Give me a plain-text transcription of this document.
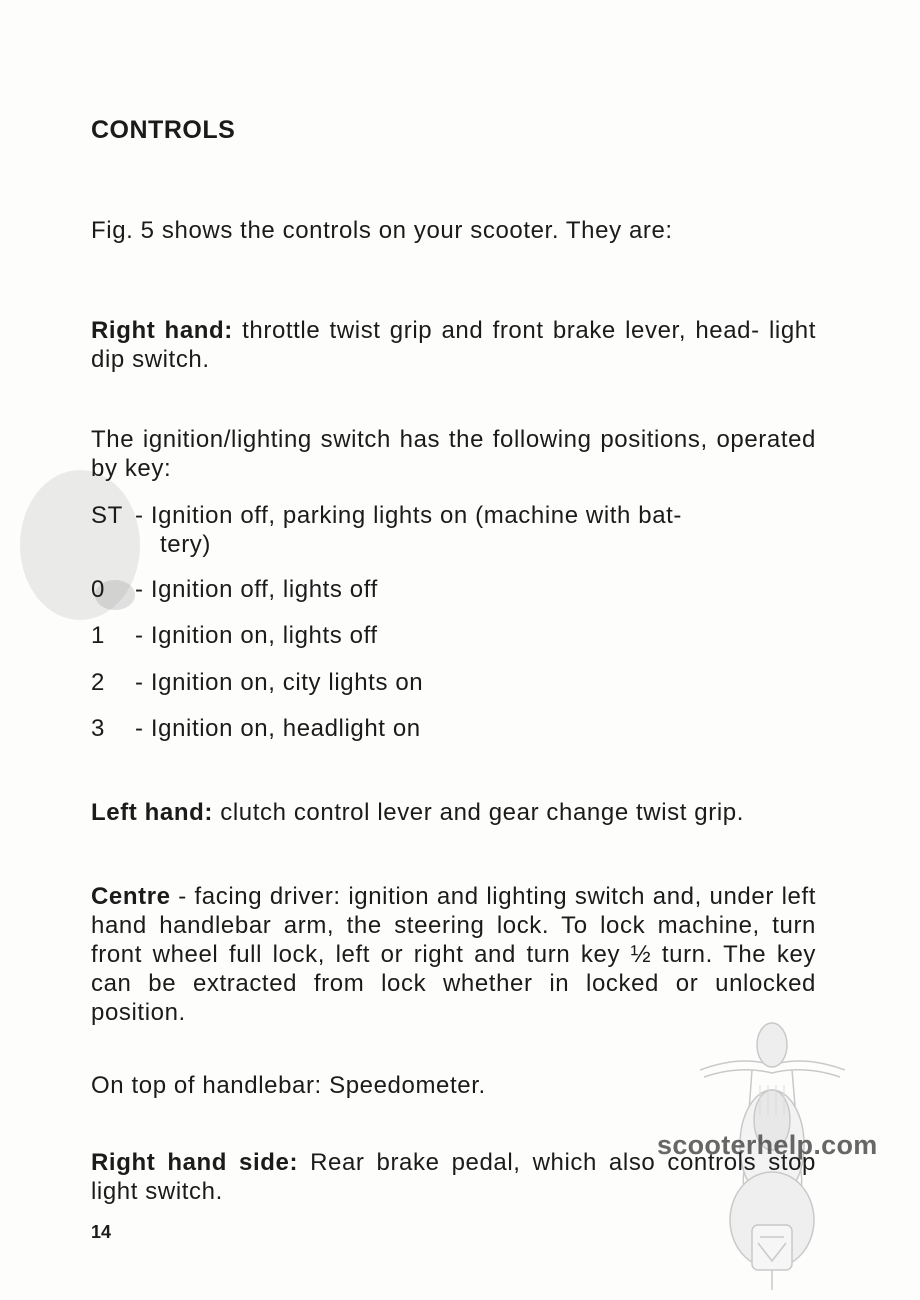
CONTROLS

Fig. 5 shows the controls on your scooter. They are:

Right hand: throttle twist grip and front brake lever, head- light dip switch.

The ignition/lighting switch has the following positions, operated by key:

ST - Ignition off, parking lights on (machine with bat-
tery)
0	- Ignition off, lights off
1	- Ignition on, lights off
2	- Ignition on, city lights on
3	- Ignition on, headlight on

Left hand: clutch control lever and gear change twist grip.

Centre - facing driver: ignition and lighting switch and, under left hand handlebar arm, the steering lock. To lock machine, turn front wheel full lock, left or right and turn key ½ turn. The key can be extracted from lock whether in locked or unlocked position.

On top of handlebar: Speedometer.

scooterhelp.com

Right hand side: Rear brake pedal, which also controls stop light switch.

14
